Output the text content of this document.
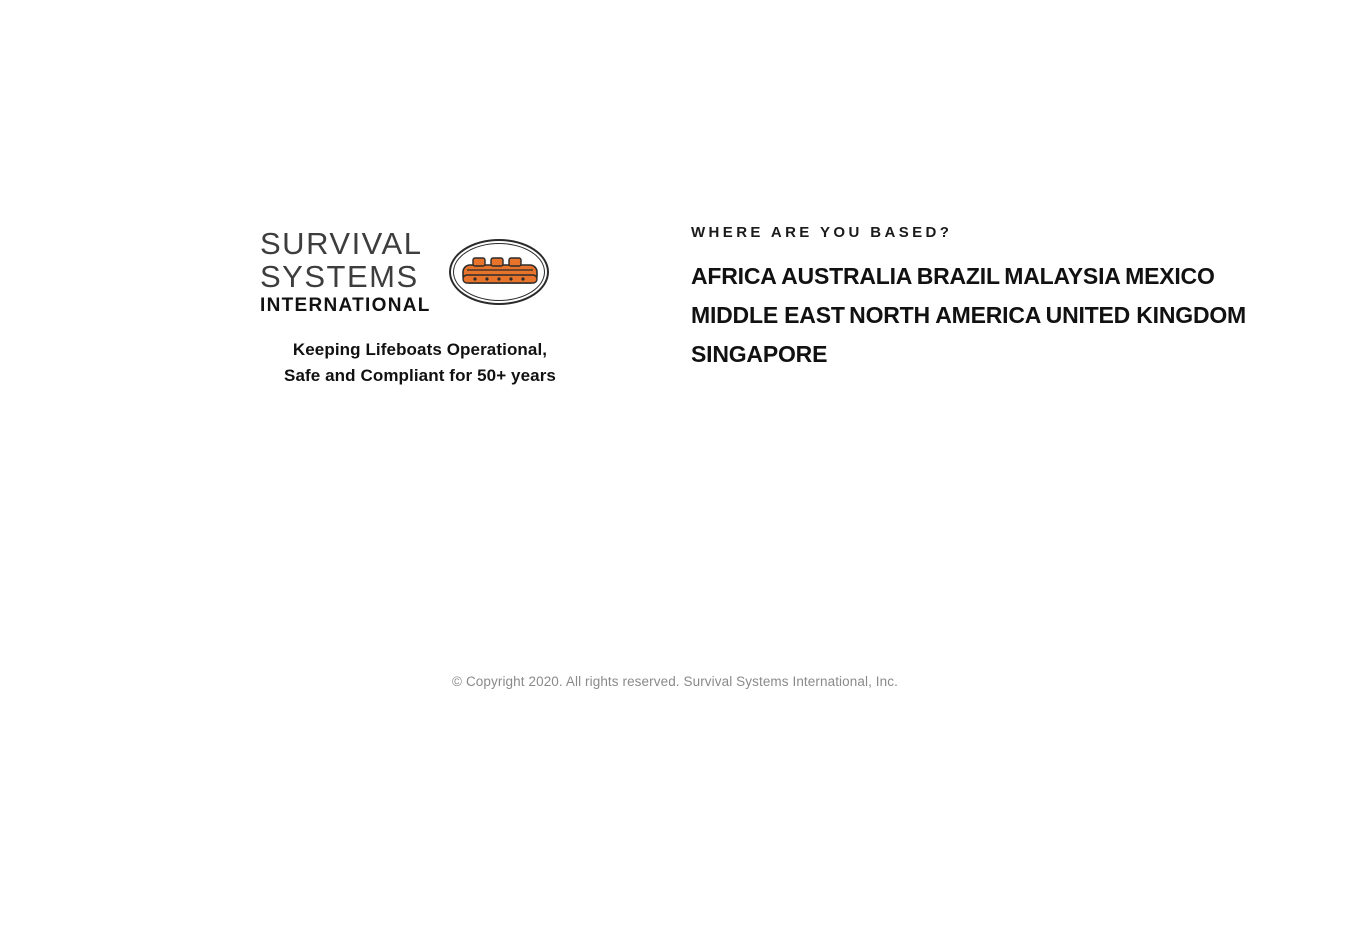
SURVIVAL
SYSTEMS
INTERNATIONAL
Keeping Lifeboats Operational,
Safe and Compliant for 50+ years
WHERE ARE YOU BASED?
AFRICA AUSTRALIA BRAZIL MALAYSIA MEXICO MIDDLE EAST NORTH AMERICA UNITED KINGDOM SINGAPORE
© Copyright 2020. All rights reserved. Survival Systems International, Inc.
